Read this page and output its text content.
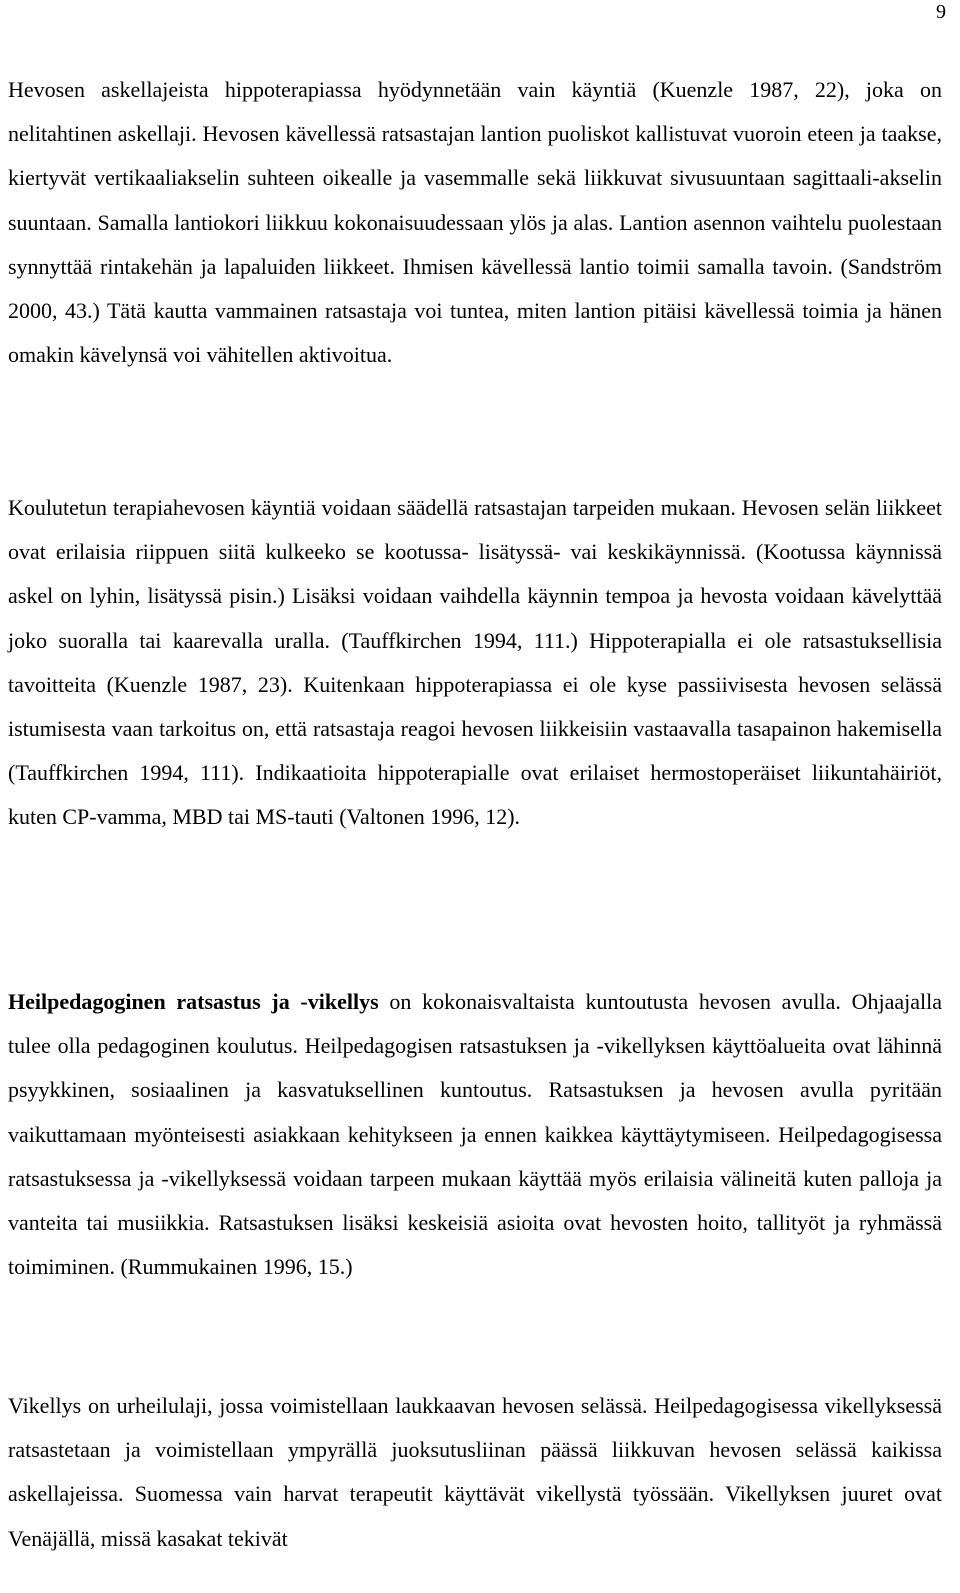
9

Hevosen askellajeista hippoterapiassa hyödynnetään vain käyntiä (Kuenzle 1987, 22), joka on nelitahtinen askellaji. Hevosen kävellessä ratsastajan lantion puoliskot kallistuvat vuoroin eteen ja taakse, kiertyvät vertikaaliakselin suhteen oikealle ja vasemmalle sekä liikkuvat sivusuuntaan sagittaali-akselin suuntaan. Samalla lantiokori liikkuu kokonaisuudessaan ylös ja alas. Lantion asennon vaihtelu puolestaan synnyttää rintakehän ja lapaluiden liikkeet. Ihmisen kävellessä lantio toimii samalla tavoin. (Sandström 2000, 43.) Tätä kautta vammainen ratsastaja voi tuntea, miten lantion pitäisi kävellessä toimia ja hänen omakin kävelynsä voi vähitellen aktivoitua.

Koulutetun terapiahevosen käyntiä voidaan säädellä ratsastajan tarpeiden mukaan. Hevosen selän liikkeet ovat erilaisia riippuen siitä kulkeeko se kootussa- lisätyssä- vai keskikäynnissä. (Kootussa käynnissä askel on lyhin, lisätyssä pisin.) Lisäksi voidaan vaihdella käynnin tempoa ja hevosta voidaan kävelyttää joko suoralla tai kaarevalla uralla. (Tauffkirchen 1994, 111.) Hippoterapialla ei ole ratsastuksellisia tavoitteita (Kuenzle 1987, 23). Kuitenkaan hippoterapiassa ei ole kyse passiivisesta hevosen selässä istumisesta vaan tarkoitus on, että ratsastaja reagoi hevosen liikkeisiin vastaavalla tasapainon hakemisella (Tauffkirchen 1994, 111). Indikaatioita hippoterapialle ovat erilaiset hermostoperäiset liikuntahäiriöt, kuten CP-vamma, MBD tai MS-tauti (Valtonen 1996, 12).

Heilpedagoginen ratsastus ja -vikellys on kokonaisvaltaista kuntoutusta hevosen avulla. Ohjaajalla tulee olla pedagoginen koulutus. Heilpedagogisen ratsastuksen ja -vikellyksen käyttöalueita ovat lähinnä psyykkinen, sosiaalinen ja kasvatuksellinen kuntoutus. Ratsastuksen ja hevosen avulla pyritään vaikuttamaan myönteisesti asiakkaan kehitykseen ja ennen kaikkea käyttäytymiseen. Heilpedagogisessa ratsastuksessa ja -vikellyksessä voidaan tarpeen mukaan käyttää myös erilaisia välineitä kuten palloja ja vanteita tai musiikkia. Ratsastuksen lisäksi keskeisiä asioita ovat hevosten hoito, tallityöt ja ryhmässä toimiminen. (Rummukainen 1996, 15.)

Vikellys on urheilulaji, jossa voimistellaan laukkaavan hevosen selässä. Heilpedagogisessa vikellyksessä ratsastetaan ja voimistellaan ympyrällä juoksutusliinan päässä liikkuvan hevosen selässä kaikissa askellajeissa. Suomessa vain harvat terapeutit käyttävät vikellystä työssään. Vikellyksen juuret ovat Venäjällä, missä kasakat tekivät
